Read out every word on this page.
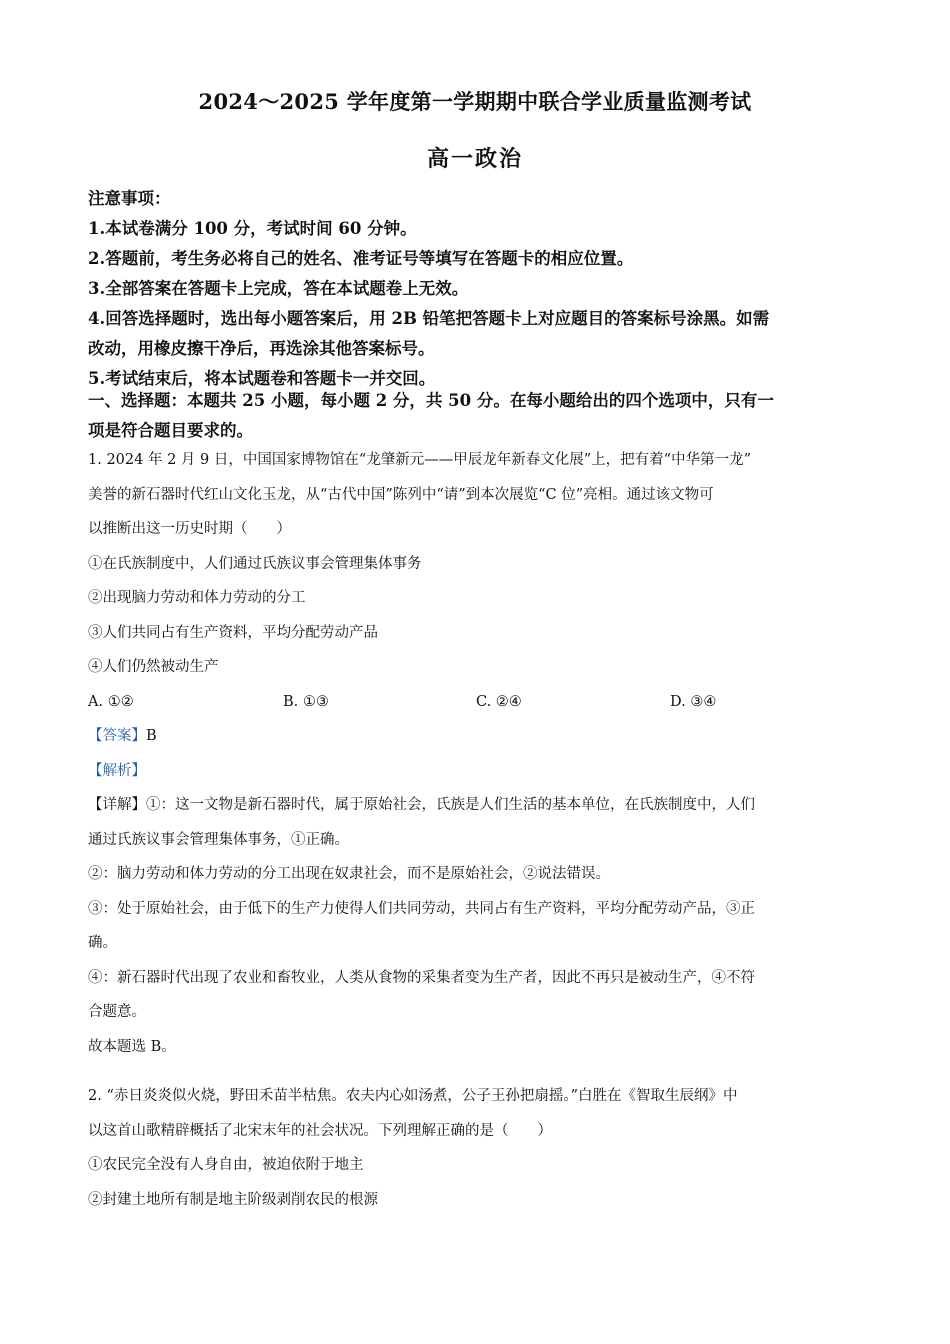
2024～2025 学年度第一学期期中联合学业质量监测考试
高一政治
注意事项：
1.本试卷满分 100 分，考试时间 60 分钟。
2.答题前，考生务必将自己的姓名、准考证号等填写在答题卡的相应位置。
3.全部答案在答题卡上完成，答在本试题卷上无效。
4.回答选择题时，选出每小题答案后，用 2B 铅笔把答题卡上对应题目的答案标号涂黑。如需
改动，用橡皮擦干净后，再选涂其他答案标号。
5.考试结束后，将本试题卷和答题卡一并交回。
一、选择题：本题共 25 小题，每小题 2 分，共 50 分。在每小题给出的四个选项中，只有一
项是符合题目要求的。
1. 2024 年 2 月 9 日，中国国家博物馆在“龙肇新元——甲辰龙年新春文化展”上，把有着“中华第一龙”
美誉的新石器时代红山文化玉龙，从“古代中国”陈列中“请”到本次展览“C 位”亮相。通过该文物可
以推断出这一历史时期（　　）
①在氏族制度中，人们通过氏族议事会管理集体事务
②出现脑力劳动和体力劳动的分工
③人们共同占有生产资料，平均分配劳动产品
④人们仍然被动生产
A. ①②	B. ①③	C. ②④	D. ③④
【答案】B
【解析】
【详解】①：这一文物是新石器时代，属于原始社会，氏族是人们生活的基本单位，在氏族制度中，人们
通过氏族议事会管理集体事务，①正确。
②：脑力劳动和体力劳动的分工出现在奴隶社会，而不是原始社会，②说法错误。
③：处于原始社会，由于低下的生产力使得人们共同劳动，共同占有生产资料，平均分配劳动产品，③正
确。
④：新石器时代出现了农业和畜牧业，人类从食物的采集者变为生产者，因此不再只是被动生产，④不符
合题意。
故本题选 B。
2. “赤日炎炎似火烧，野田禾苗半枯焦。农夫内心如汤煮，公子王孙把扇摇。”白胜在《智取生辰纲》中
以这首山歌精辟概括了北宋末年的社会状况。下列理解正确的是（　　）
①农民完全没有人身自由，被迫依附于地主
②封建土地所有制是地主阶级剥削农民的根源
